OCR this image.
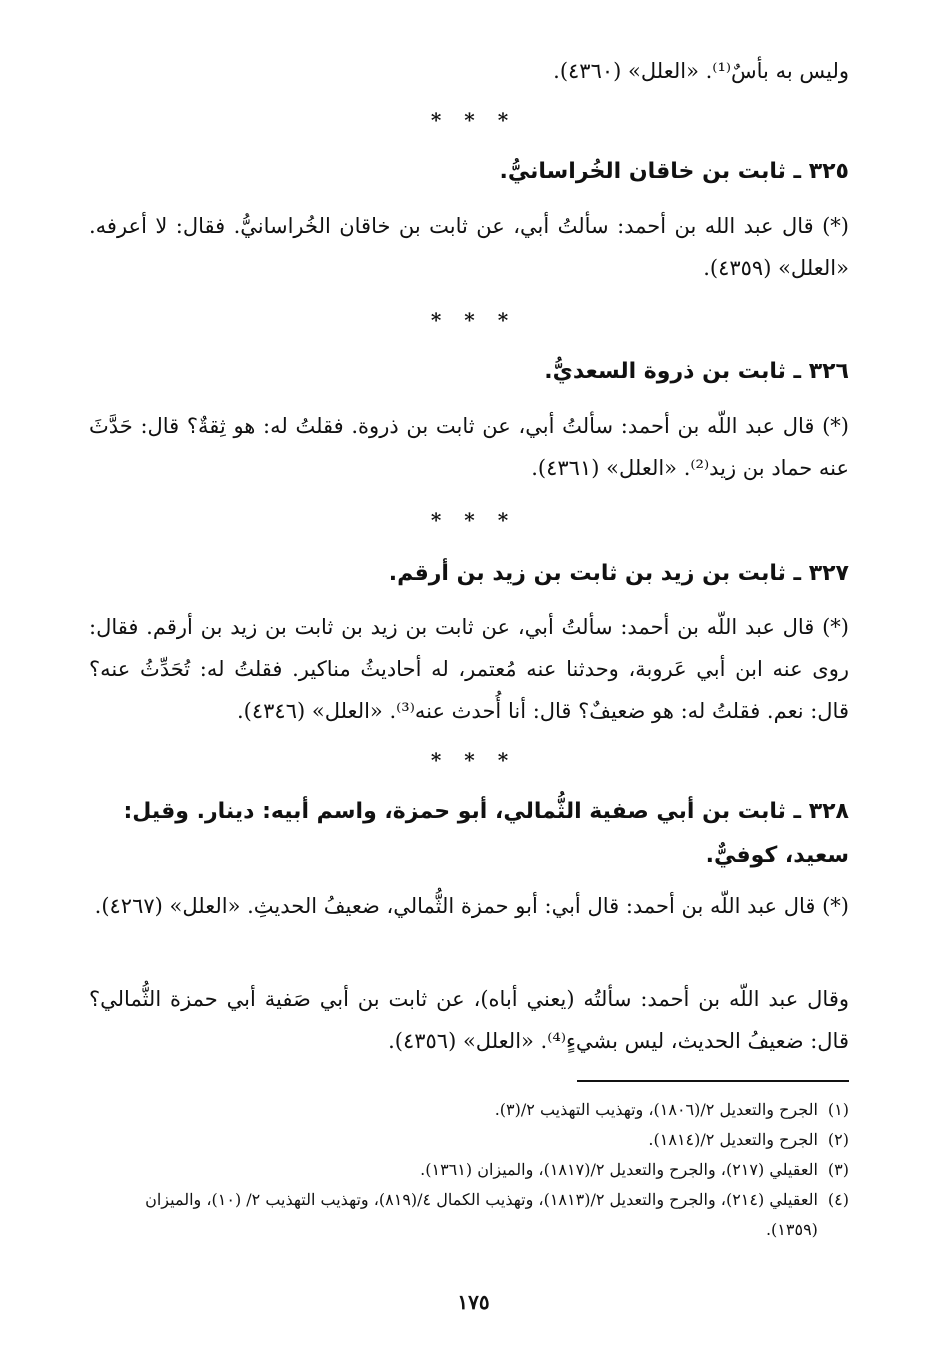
وليس به بأسٌ⁽¹⁾. «العلل» (٤٣٦٠).
* * *
٣٢٥ ـ ثابت بن خاقان الخُراسانيُّ.
(*) قال عبد الله بن أحمد: سألتُ أبي، عن ثابت بن خاقان الخُراسانيُّ. فقال: لا أعرفه. «العلل» (٤٣٥٩).
* * *
٣٢٦ ـ ثابت بن ذروة السعديُّ.
(*) قال عبد اللّه بن أحمد: سألتُ أبي، عن ثابت بن ذروة. فقلتُ له: هو ثِقةٌ؟ قال: حَدَّثَ عنه حماد بن زيد⁽²⁾. «العلل» (٤٣٦١).
* * *
٣٢٧ ـ ثابت بن زيد بن ثابت بن زيد بن أرقم.
(*) قال عبد اللّه بن أحمد: سألتُ أبي، عن ثابت بن زيد بن ثابت بن زيد بن أرقم. فقال: روى عنه ابن أبي عَروبة، وحدثنا عنه مُعتمر، له أحاديثُ مناكير. فقلتُ له: تُحَدِّثُ عنه؟ قال: نعم. فقلتُ له: هو ضعيفٌ؟ قال: أنا أُحدث عنه⁽³⁾. «العلل» (٤٣٤٦).
* * *
٣٢٨ ـ ثابت بن أبي صفية الثُّمالي، أبو حمزة، واسم أبيه: دينار. وقيل: سعيد، كوفيٌّ.
(*) قال عبد اللّه بن أحمد: قال أبي: أبو حمزة الثُّمالي، ضعيفُ الحديثِ. «العلل» (٤٢٦٧).
وقال عبد اللّه بن أحمد: سألتُه (يعني أباه)، عن ثابت بن أبي صَفية أبي حمزة الثُّمالي؟ قال: ضعيفُ الحديث، ليس بشيءٍ⁽⁴⁾. «العلل» (٤٣٥٦).
(١)
الجرح والتعديل ٢/(١٨٠٦)، وتهذيب التهذيب ٢/(٣).
(٢)
الجرح والتعديل ٢/(١٨١٤).
(٣)
العقيلي (٢١٧)، والجرح والتعديل ٢/(١٨١٧)، والميزان (١٣٦١).
(٤)
العقيلي (٢١٤)، والجرح والتعديل ٢/(١٨١٣)، وتهذيب الكمال ٤/(٨١٩)، وتهذيب التهذيب ٢/ (١٠)، والميزان (١٣٥٩).
١٧٥
